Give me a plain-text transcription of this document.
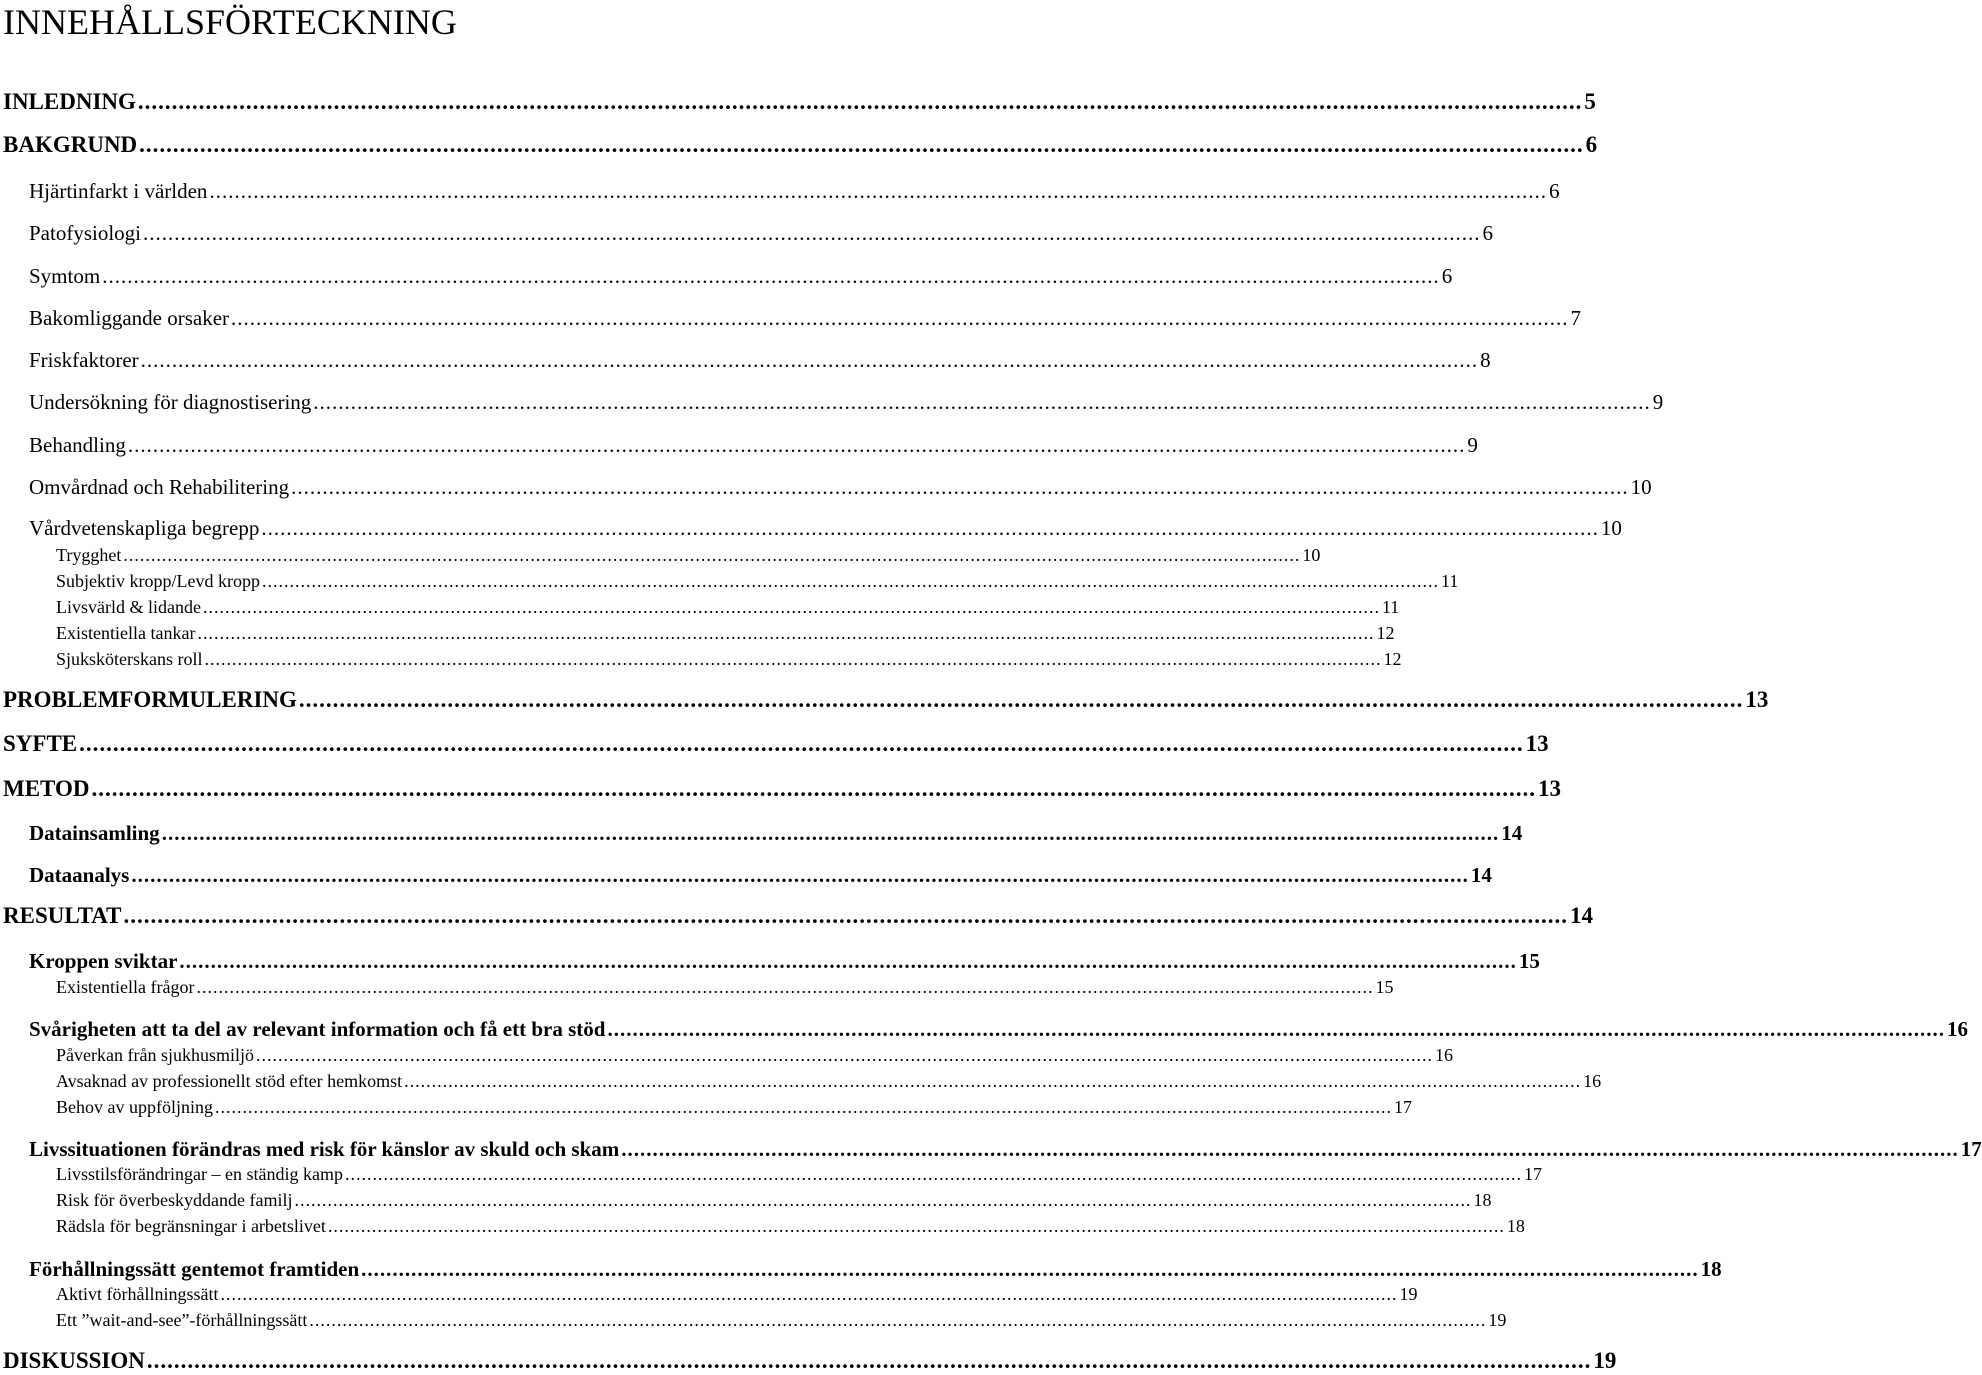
INNEHÅLLSFÖRTECKNING
INLEDNING ...................................................................................................................................................................................................................... 5
BAKGRUND ...................................................................................................................................................................................................................... 6
Hjärtinfarkt i världen ...................................................................................................................................................................................................................... 6
Patofysiologi ...................................................................................................................................................................................................................... 6
Symtom ...................................................................................................................................................................................................................... 6
Bakomliggande orsaker ...................................................................................................................................................................................................................... 7
Friskfaktorer ...................................................................................................................................................................................................................... 8
Undersökning för diagnostisering ...................................................................................................................................................................................................................... 9
Behandling ...................................................................................................................................................................................................................... 9
Omvårdnad och Rehabilitering ...................................................................................................................................................................................................................... 10
Vårdvetenskapliga begrepp ...................................................................................................................................................................................................................... 10
Trygghet ...................................................................................................................................................................................................................... 10
Subjektiv kropp/Levd kropp ...................................................................................................................................................................................................................... 11
Livsvärld & lidande ...................................................................................................................................................................................................................... 11
Existentiella tankar ...................................................................................................................................................................................................................... 12
Sjuksköterskans roll ...................................................................................................................................................................................................................... 12
PROBLEMFORMULERING ...................................................................................................................................................................................................................... 13
SYFTE ...................................................................................................................................................................................................................... 13
METOD ...................................................................................................................................................................................................................... 13
Datainsamling ...................................................................................................................................................................................................................... 14
Dataanalys ...................................................................................................................................................................................................................... 14
RESULTAT ...................................................................................................................................................................................................................... 14
Kroppen sviktar ...................................................................................................................................................................................................................... 15
Existentiella frågor ...................................................................................................................................................................................................................... 15
Svårigheten att ta del av relevant information och få ett bra stöd ...................................................................................................................................................................................................................... 16
Påverkan från sjukhusmiljö ...................................................................................................................................................................................................................... 16
Avsaknad av professionellt stöd efter hemkomst ...................................................................................................................................................................................................................... 16
Behov av uppföljning ...................................................................................................................................................................................................................... 17
Livssituationen förändras med risk för känslor av skuld och skam ...................................................................................................................................................................................................................... 17
Livsstilsförändringar – en ständig kamp ...................................................................................................................................................................................................................... 17
Risk för överbeskyddande familj ...................................................................................................................................................................................................................... 18
Rädsla för begränsningar i arbetslivet ...................................................................................................................................................................................................................... 18
Förhållningssätt gentemot framtiden ...................................................................................................................................................................................................................... 18
Aktivt förhållningssätt ...................................................................................................................................................................................................................... 19
Ett ”wait-and-see”-förhållningssätt ...................................................................................................................................................................................................................... 19
DISKUSSION ...................................................................................................................................................................................................................... 19
